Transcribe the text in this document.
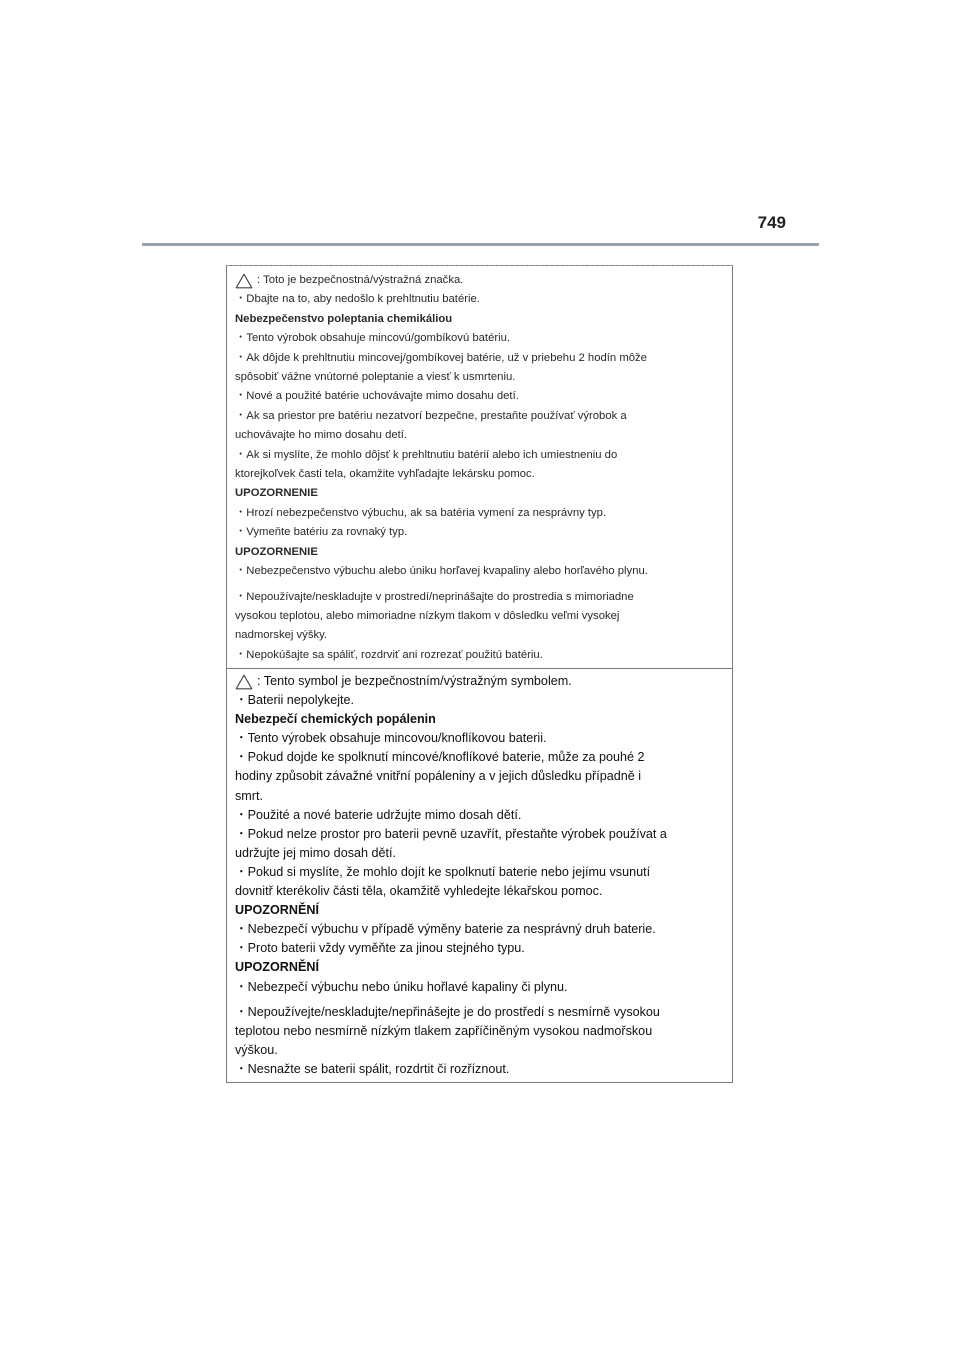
749
: Toto je bezpečnostná/výstražná značka.
・Dbajte na to, aby nedošlo k prehltnutiu batérie.
Nebezpečenstvo poleptania chemikáliou
・Tento výrobok obsahuje mincovú/gombíkovú batériu.
・Ak dôjde k prehltnutiu mincovej/gombíkovej batérie, už v priebehu 2 hodín môže
spôsobiť vážne vnútorné poleptanie a viesť k usmrteniu.
・Nové a použité batérie uchovávajte mimo dosahu detí.
・Ak sa priestor pre batériu nezatvorí bezpečne, prestaňte používať výrobok a
uchovávajte ho mimo dosahu detí.
・Ak si myslíte, že mohlo dôjsť k prehltnutiu batérií alebo ich umiestneniu do
ktorejkoľvek časti tela, okamžite vyhľadajte lekársku pomoc.
UPOZORNENIE
・Hrozí nebezpečenstvo výbuchu, ak sa batéria vymení za nesprávny typ.
・Vymeňte batériu za rovnaký typ.
UPOZORNENIE
・Nebezpečenstvo výbuchu alebo úniku horľavej kvapaliny alebo horľavého plynu.
・Nepoužívajte/neskladujte v prostredí/neprinášajte do prostredia s mimoriadne
vysokou teplotou, alebo mimoriadne nízkym tlakom v dôsledku veľmi vysokej
nadmorskej výšky.
・Nepokúšajte sa spáliť, rozdrviť ani rozrezať použitú batériu.
: Tento symbol je bezpečnostním/výstražným symbolem.
・Baterii nepolykejte.
Nebezpečí chemických popálenin
・Tento výrobek obsahuje mincovou/knoflíkovou baterii.
・Pokud dojde ke spolknutí mincové/knoflíkové baterie, může za pouhé 2
hodiny způsobit závažné vnitřní popáleniny a v jejich důsledku případně i
smrt.
・Použité a nové baterie udržujte mimo dosah dětí.
・Pokud nelze prostor pro baterii pevně uzavřít, přestaňte výrobek používat a
udržujte jej mimo dosah dětí.
・Pokud si myslíte, že mohlo dojít ke spolknutí baterie nebo jejímu vsunutí
dovnitř kterékoliv části těla, okamžitě vyhledejte lékařskou pomoc.
UPOZORNĚNÍ
・Nebezpečí výbuchu v případě výměny baterie za nesprávný druh baterie.
・Proto baterii vždy vyměňte za jinou stejného typu.
UPOZORNĚNÍ
・Nebezpečí výbuchu nebo úniku hořlavé kapaliny či plynu.
・Nepoužívejte/neskladujte/nepřinášejte je do prostředí s nesmírně vysokou
teplotou nebo nesmírně nízkým tlakem zapříčiněným vysokou nadmořskou
výškou.
・Nesnažte se baterii spálit, rozdrtit či rozříznout.
